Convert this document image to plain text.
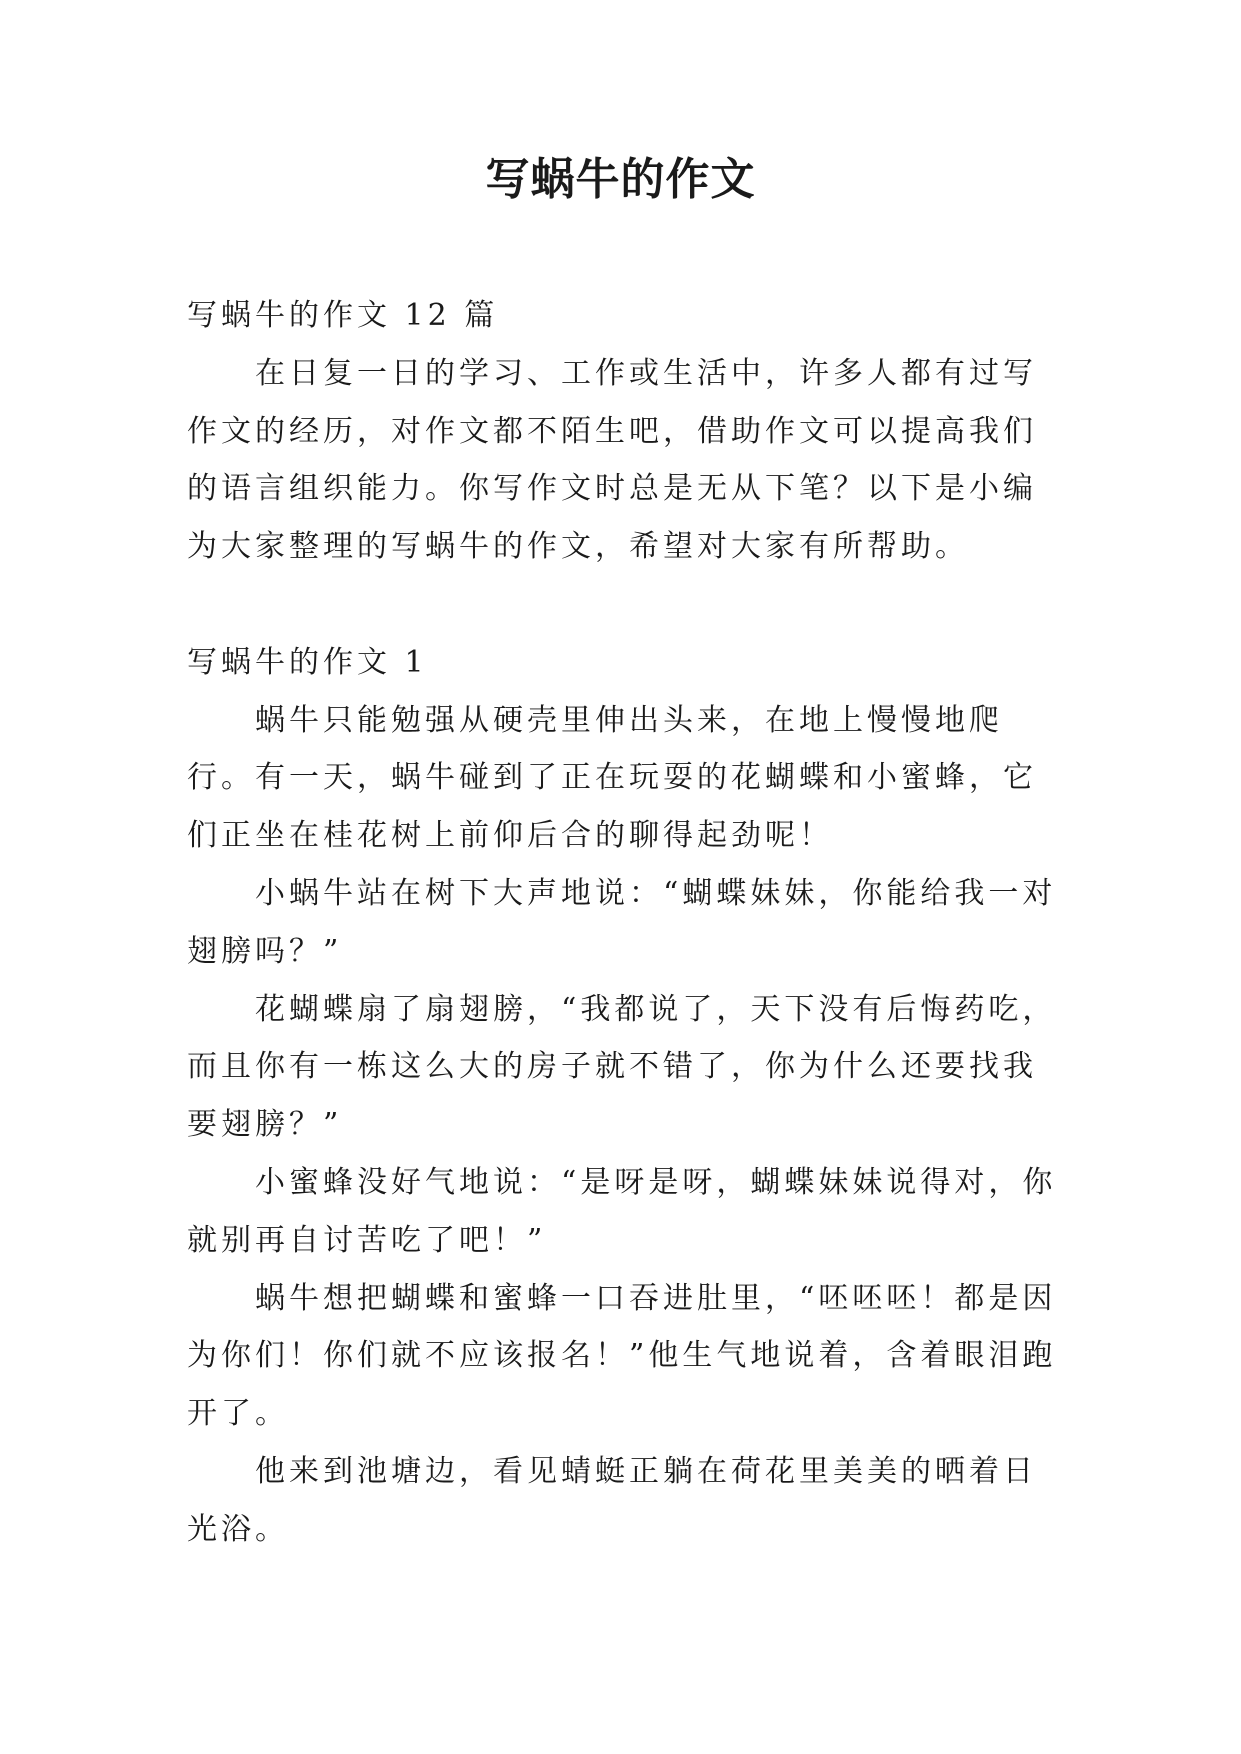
写蜗牛的作文

写蜗牛的作文 12 篇

在日复一日的学习、工作或生活中，许多人都有过写作文的经历，对作文都不陌生吧，借助作文可以提高我们的语言组织能力。你写作文时总是无从下笔？以下是小编为大家整理的写蜗牛的作文，希望对大家有所帮助。

写蜗牛的作文 1

蜗牛只能勉强从硬壳里伸出头来，在地上慢慢地爬行。有一天，蜗牛碰到了正在玩耍的花蝴蝶和小蜜蜂，它们正坐在桂花树上前仰后合的聊得起劲呢！

小蜗牛站在树下大声地说：“蝴蝶妹妹，你能给我一对翅膀吗？”

花蝴蝶扇了扇翅膀，“我都说了，天下没有后悔药吃，而且你有一栋这么大的房子就不错了，你为什么还要找我要翅膀？”

小蜜蜂没好气地说：“是呀是呀，蝴蝶妹妹说得对，你就别再自讨苦吃了吧！”

蜗牛想把蝴蝶和蜜蜂一口吞进肚里，“呸呸呸！都是因为你们！你们就不应该报名！”他生气地说着，含着眼泪跑开了。

他来到池塘边，看见蜻蜓正躺在荷花里美美的晒着日光浴。
